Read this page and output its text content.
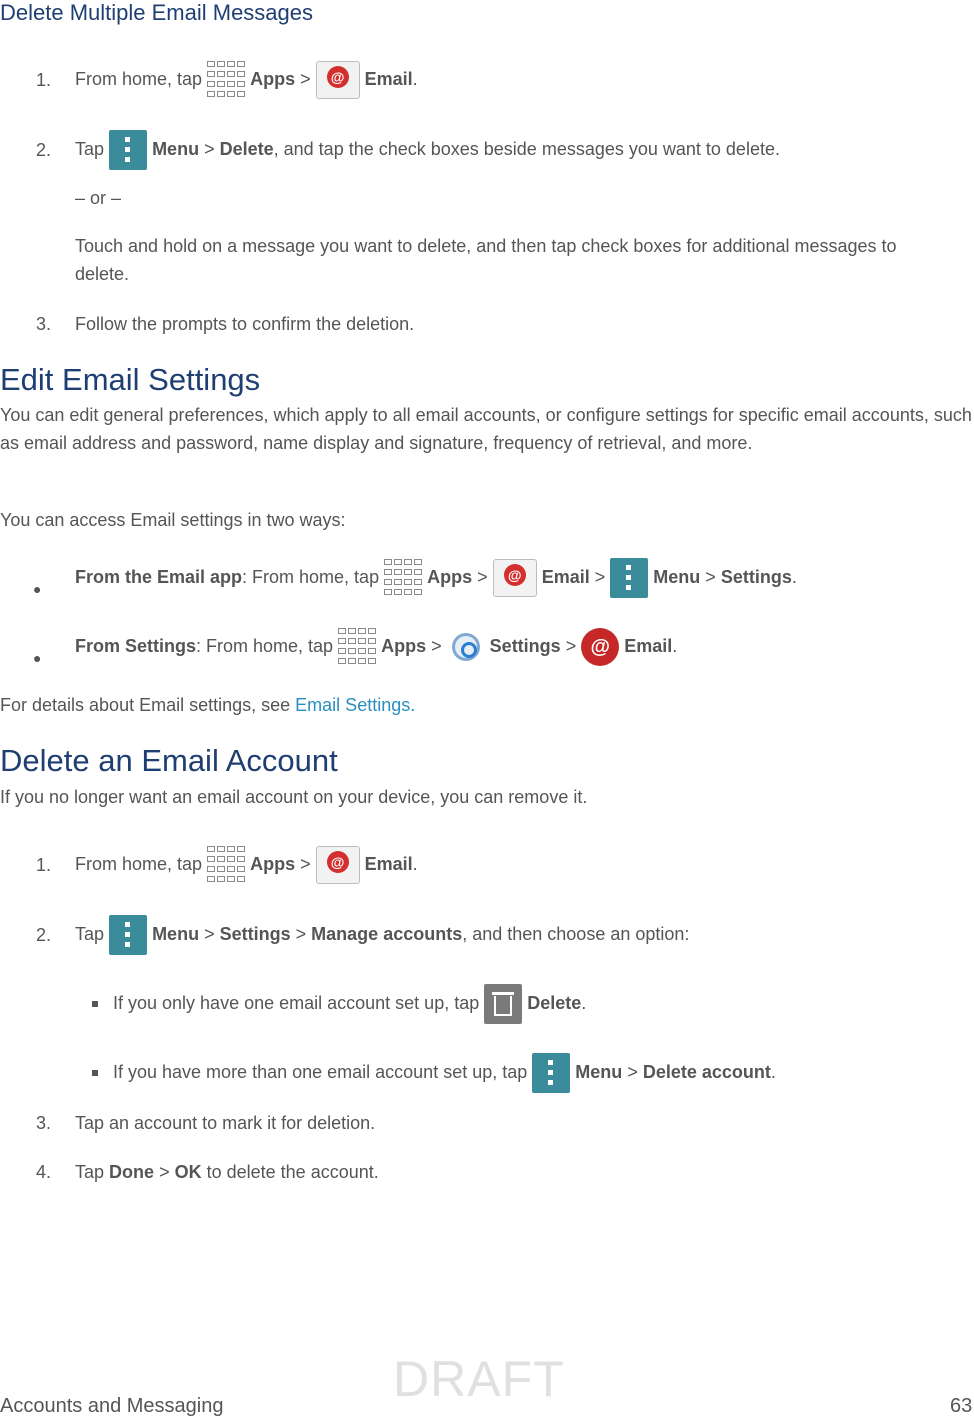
Delete Multiple Email Messages
1. From home, tap	Apps > @	Email.
2. Tap	Menu > Delete, and tap the check boxes beside messages you want to delete.
– or –
Touch and hold on a message you want to delete, and then tap check boxes for additional messages to delete.
3. Follow the prompts to confirm the deletion.
Edit Email Settings
You can edit general preferences, which apply to all email accounts, or configure settings for specific email accounts, such as email address and password, name display and signature, frequency of retrieval, and more.
You can access Email settings in two ways:
●
From the Email app: From home, tap	Apps > @	Email >	Menu > Settings.
●
From Settings: From home, tap	Apps >	Settings > @	Email.
For details about Email settings, see Email Settings.
Delete an Email Account
If you no longer want an email account on your device, you can remove it.
1. From home, tap	Apps > @	Email.
2. Tap	Menu > Settings > Manage accounts, and then choose an option:
If you only have one email account set up, tap	Delete.
If you have more than one email account set up, tap	Menu > Delete account.
3. Tap an account to mark it for deletion.
4. Tap Done > OK to delete the account.
DRAFT
Accounts and Messaging	63
